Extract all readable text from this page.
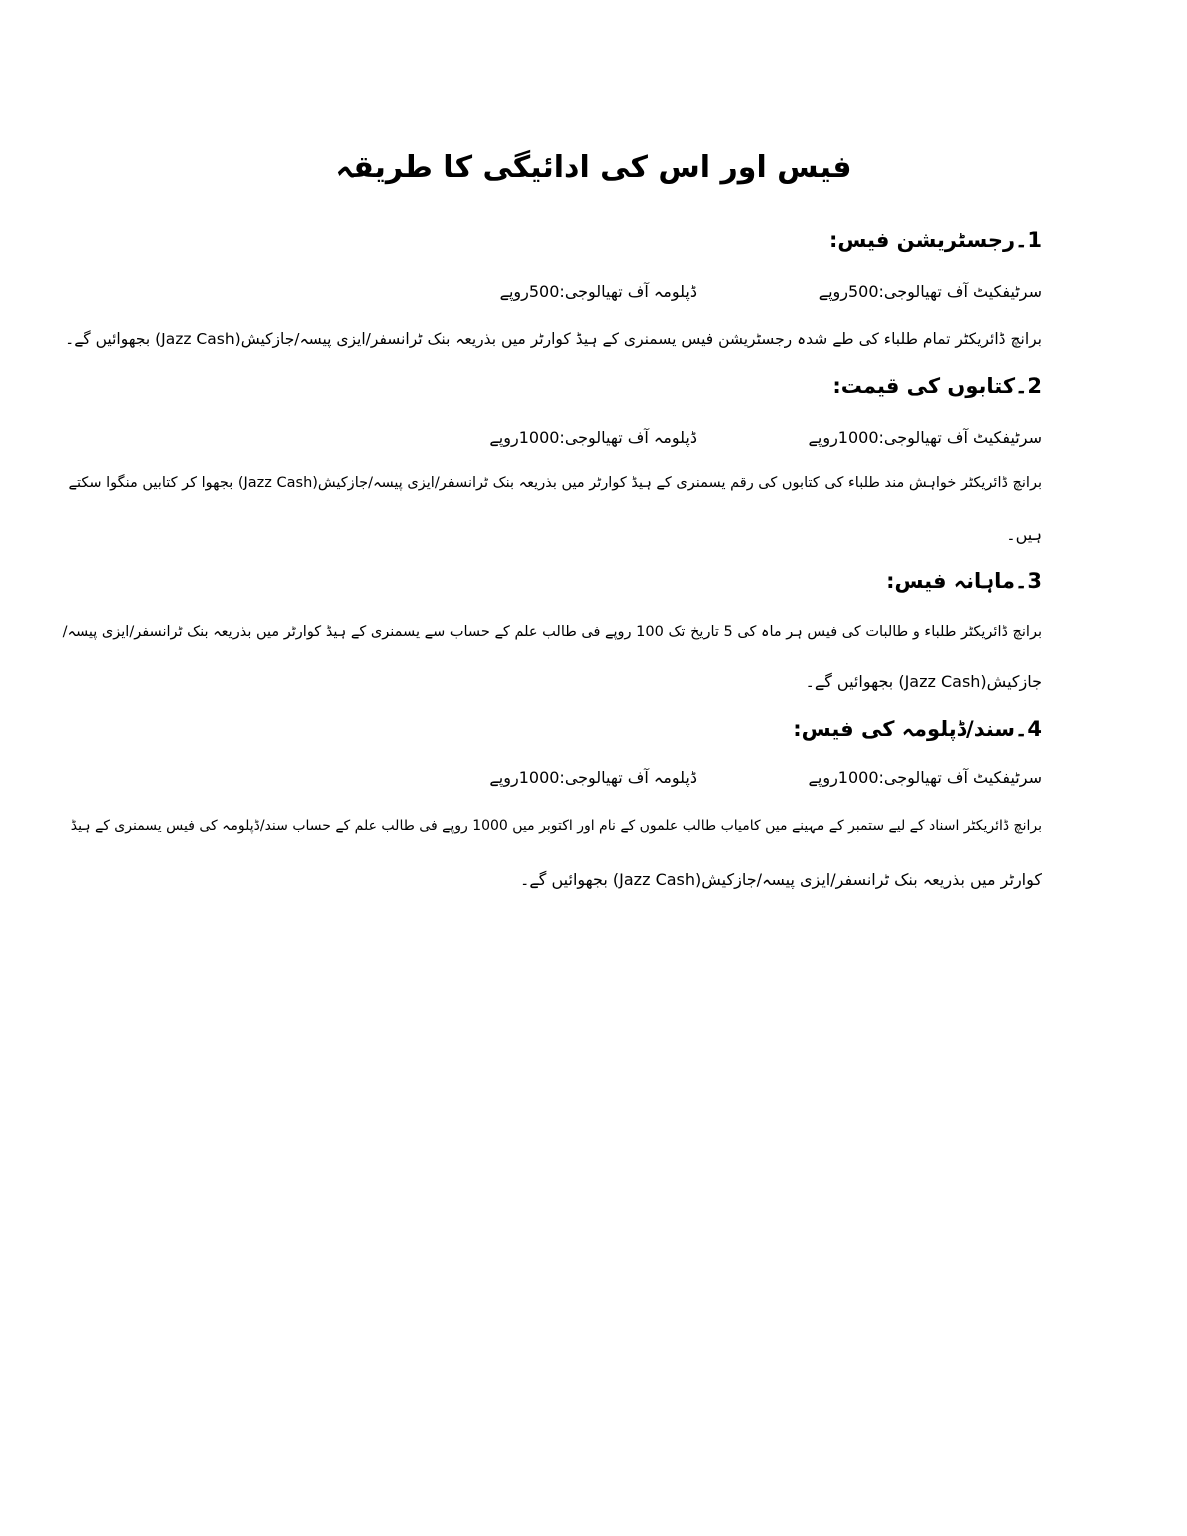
فیس اور اس کی ادائیگی کا طریقہ
1۔رجسٹریشن فیس:
سرٹیفکیٹ آف تھیالوجی:500روپے
ڈپلومہ آف تھیالوجی:500روپے
برانچ ڈائریکٹر تمام طلباء کی طے شدہ رجسٹریشن فیس یسمنری کے ہیڈ کوارٹر میں بذریعہ بنک ٹرانسفر/ایزی پیسہ/جازکیش(Jazz Cash) بجھوائیں گے۔
2۔کتابوں کی قیمت:
سرٹیفکیٹ آف تھیالوجی:1000روپے
ڈپلومہ آف تھیالوجی:1000روپے
برانچ ڈائریکٹر خواہش مند طلباء کی کتابوں کی رقم یسمنری کے ہیڈ کوارٹر میں بذریعہ بنک ٹرانسفر/ایزی پیسہ/جازکیش(Jazz Cash) بجھوا کر کتابیں منگوا سکتے
ہیں۔
3۔ماہانہ فیس:
برانچ ڈائریکٹر طلباء و طالبات کی فیس ہر ماہ کی 5 تاریخ تک 100 روپے فی طالب علم کے حساب سے یسمنری کے ہیڈ کوارٹر میں بذریعہ بنک ٹرانسفر/ایزی پیسہ/
جازکیش(Jazz Cash) بجھوائیں گے۔
4۔سند/ڈپلومہ کی فیس:
سرٹیفکیٹ آف تھیالوجی:1000روپے
ڈپلومہ آف تھیالوجی:1000روپے
برانچ ڈائریکٹر اسناد کے لیے ستمبر کے مہینے میں کامیاب طالب علموں کے نام اور اکتوبر میں 1000 روپے فی طالب علم کے حساب سند/ڈپلومہ کی فیس یسمنری کے ہیڈ
کوارٹر میں بذریعہ بنک ٹرانسفر/ایزی پیسہ/جازکیش(Jazz Cash) بجھوائیں گے۔
